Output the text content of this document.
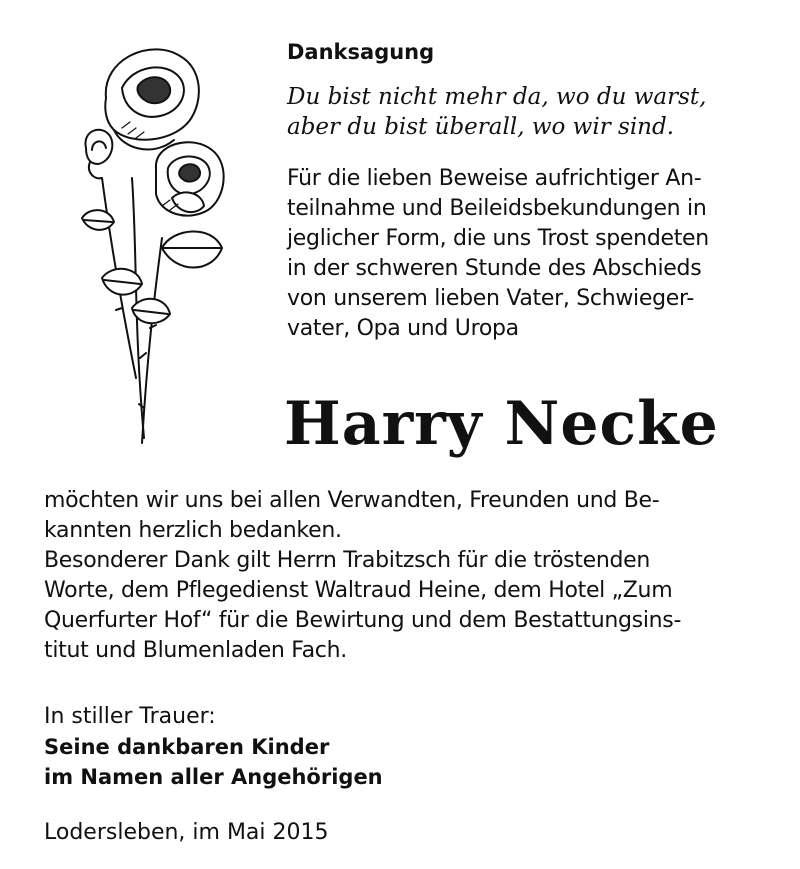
Danksagung

Du bist nicht mehr da, wo du warst,
aber du bist überall, wo wir sind.

Für die lieben Beweise aufrichtiger An-
teilnahme und Beileidsbekundungen in
jeglicher Form, die uns Trost spendeten
in der schweren Stunde des Abschieds
von unserem lieben Vater, Schwieger-
vater, Opa und Uropa

Harry Necke

möchten wir uns bei allen Verwandten, Freunden und Be-
kannten herzlich bedanken.
Besonderer Dank gilt Herrn Trabitzsch für die tröstenden
Worte, dem Pflegedienst Waltraud Heine, dem Hotel „Zum
Querfurter Hof“ für die Bewirtung und dem Bestattungsins-
titut und Blumenladen Fach.

In stiller Trauer:
Seine dankbaren Kinder
im Namen aller Angehörigen

Lodersleben, im Mai 2015
